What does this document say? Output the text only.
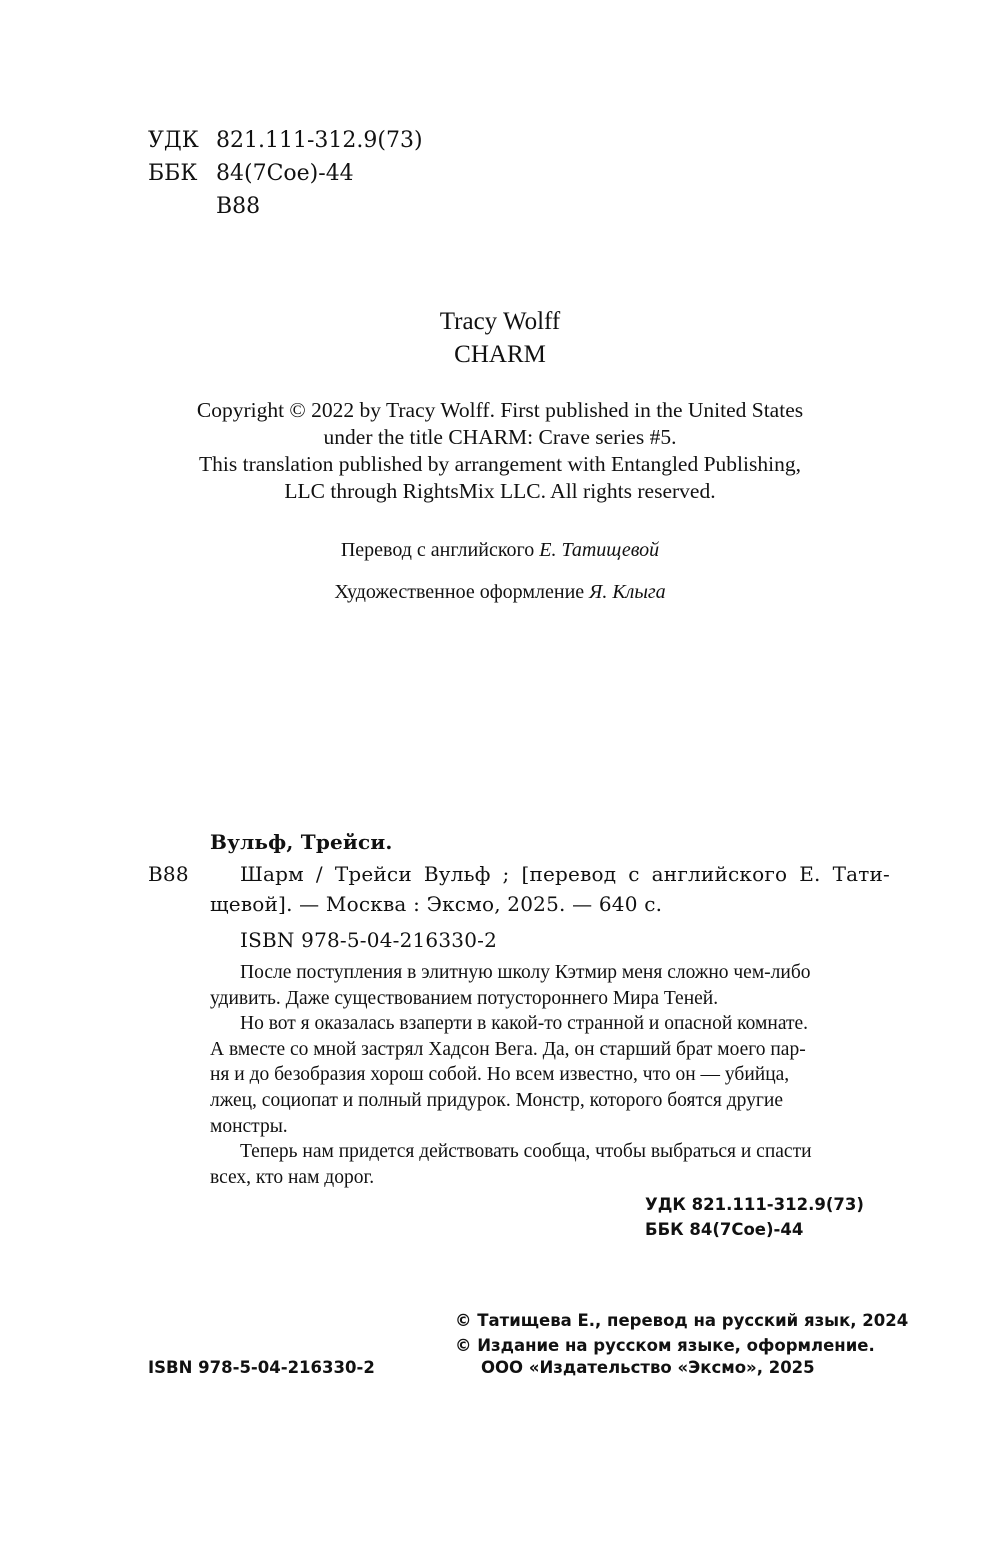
УДК 821.111-312.9(73)
ББК 84(7Сое)-44
В88
Tracy Wolff
CHARM
Copyright © 2022 by Tracy Wolff. First published in the United States
under the title CHARM: Crave series #5.
This translation published by arrangement with Entangled Publishing,
LLC through RightsMix LLC. All rights reserved.
Перевод с английского Е. Татищевой
Художественное оформление Я. Клыга
Вульф, Трейси.
В88	Шарм / Трейси Вульф ; [перевод с английского Е. Тати-
щевой]. — Москва : Эксмо, 2025. — 640 с.
ISBN 978-5-04-216330-2
После поступления в элитную школу Кэтмир меня сложно чем-либо
удивить. Даже существованием потустороннего Мира Теней.
Но вот я оказалась взаперти в какой-то странной и опасной комнате.
А вместе со мной застрял Хадсон Вега. Да, он старший брат моего пар-
ня и до безобразия хорош собой. Но всем известно, что он — убийца,
лжец, социопат и полный придурок. Монстр, которого боятся другие
монстры.
Теперь нам придется действовать сообща, чтобы выбраться и спасти
всех, кто нам дорог.
УДК 821.111-312.9(73)
ББК 84(7Сое)-44
© Татищева Е., перевод на русский язык, 2024
© Издание на русском языке, оформление.
ISBN 978-5-04-216330-2	ООО «Издательство «Эксмо», 2025
